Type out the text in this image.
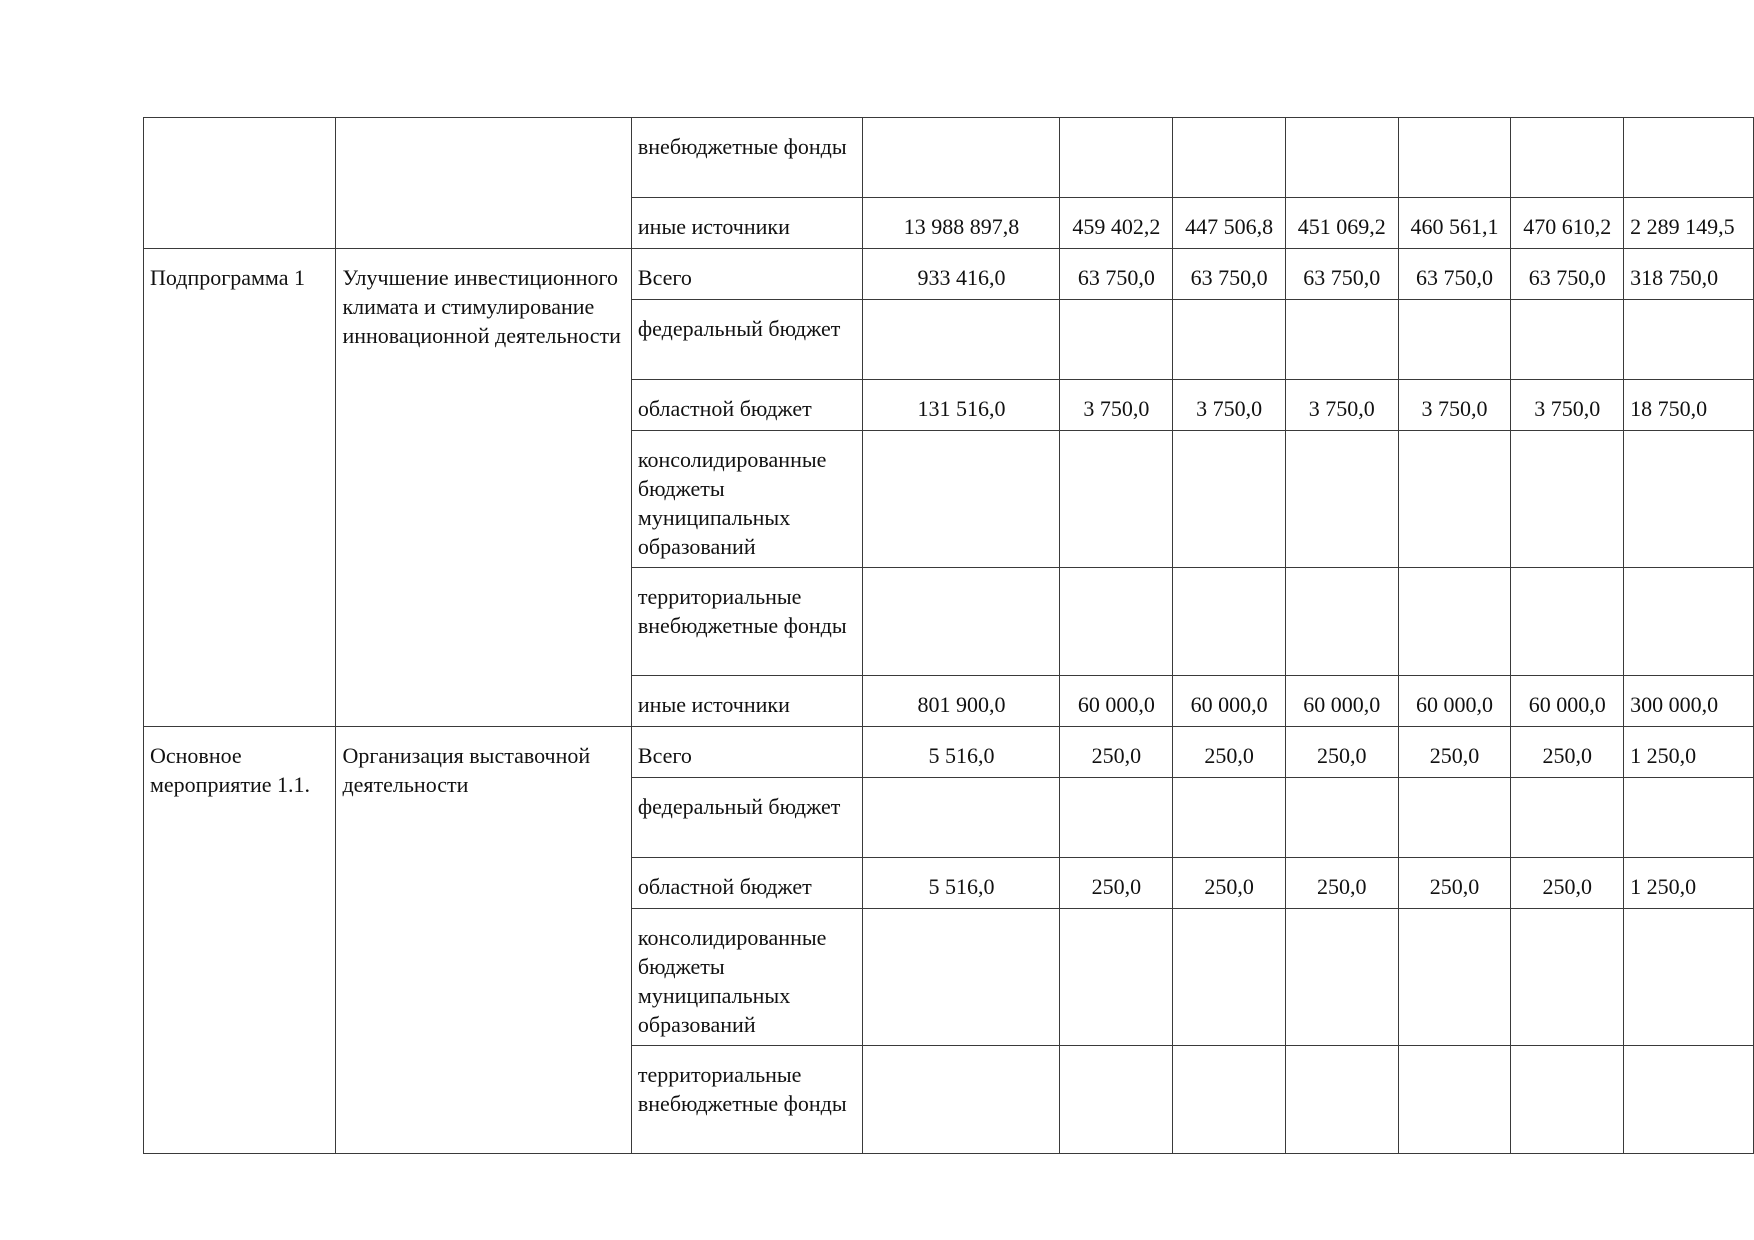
		внебюджетные фонды							
		иные источники	13 988 897,8	459 402,2	447 506,8	451 069,2	460 561,1	470 610,2	2 289 149,5
Подпрограмма 1	Улучшение инвестиционного климата и стимулирование инновационной деятельности	Всего	933 416,0	63 750,0	63 750,0	63 750,0	63 750,0	63 750,0	318 750,0
		федеральный бюджет							
		областной бюджет	131 516,0	3 750,0	3 750,0	3 750,0	3 750,0	3 750,0	18 750,0
		консолидированные бюджеты муниципальных образований							
		территориальные внебюджетные фонды							
		иные источники	801 900,0	60 000,0	60 000,0	60 000,0	60 000,0	60 000,0	300 000,0
Основное мероприятие 1.1.	Организация выставочной деятельности	Всего	5 516,0	250,0	250,0	250,0	250,0	250,0	1 250,0
		федеральный бюджет							
		областной бюджет	5 516,0	250,0	250,0	250,0	250,0	250,0	1 250,0
		консолидированные бюджеты муниципальных образований							
		территориальные внебюджетные фонды							
